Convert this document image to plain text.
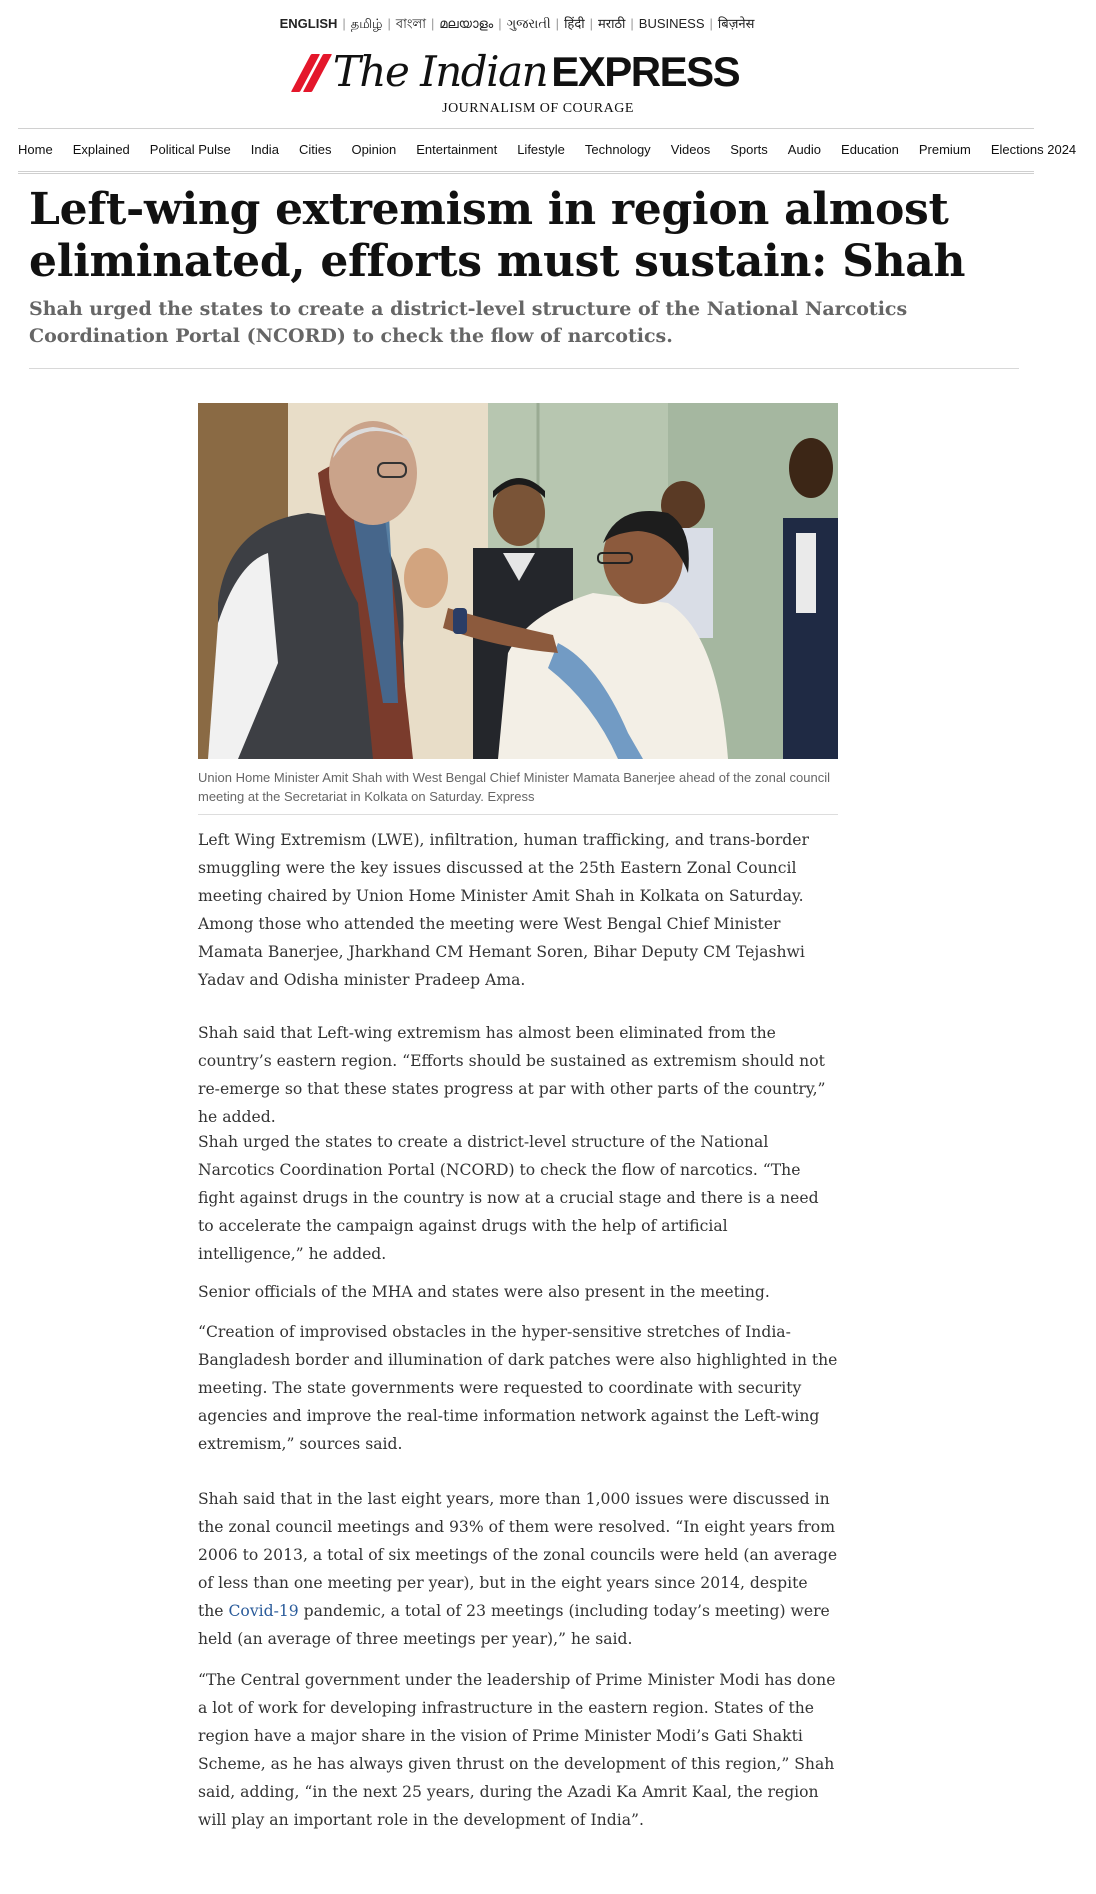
ENGLISH | தமிழ் | বাংলা | മലയാളം | ગુજરાતી | हिंदी | मराठी | BUSINESS | बिज़नेस
The Indian EXPRESS
JOURNALISM OF COURAGE
Home Explained Political Pulse India Cities Opinion Entertainment Lifestyle Technology Videos Sports Audio Education Premium Elections 2024
Left-wing extremism in region almost eliminated, efforts must sustain: Shah
Shah urged the states to create a district-level structure of the National Narcotics Coordination Portal (NCORD) to check the flow of narcotics.
Union Home Minister Amit Shah with West Bengal Chief Minister Mamata Banerjee ahead of the zonal council meeting at the Secretariat in Kolkata on Saturday. Express

Left Wing Extremism (LWE), infiltration, human trafficking, and trans-border smuggling were the key issues discussed at the 25th Eastern Zonal Council meeting chaired by Union Home Minister Amit Shah in Kolkata on Saturday. Among those who attended the meeting were West Bengal Chief Minister Mamata Banerjee, Jharkhand CM Hemant Soren, Bihar Deputy CM Tejashwi Yadav and Odisha minister Pradeep Ama.

Shah said that Left-wing extremism has almost been eliminated from the country’s eastern region. “Efforts should be sustained as extremism should not re-emerge so that these states progress at par with other parts of the country,” he added.

Shah urged the states to create a district-level structure of the National Narcotics Coordination Portal (NCORD) to check the flow of narcotics. “The fight against drugs in the country is now at a crucial stage and there is a need to accelerate the campaign against drugs with the help of artificial intelligence,” he added.

Senior officials of the MHA and states were also present in the meeting.

“Creation of improvised obstacles in the hyper-sensitive stretches of India-Bangladesh border and illumination of dark patches were also highlighted in the meeting. The state governments were requested to coordinate with security agencies and improve the real-time information network against the Left-wing extremism,” sources said.

Shah said that in the last eight years, more than 1,000 issues were discussed in the zonal council meetings and 93% of them were resolved. “In eight years from 2006 to 2013, a total of six meetings of the zonal councils were held (an average of less than one meeting per year), but in the eight years since 2014, despite the Covid-19 pandemic, a total of 23 meetings (including today’s meeting) were held (an average of three meetings per year),” he said.

“The Central government under the leadership of Prime Minister Modi has done a lot of work for developing infrastructure in the eastern region. States of the region have a major share in the vision of Prime Minister Modi’s Gati Shakti Scheme, as he has always given thrust on the development of this region,” Shah said, adding, “in the next 25 years, during the Azadi Ka Amrit Kaal, the region will play an important role in the development of India”.
